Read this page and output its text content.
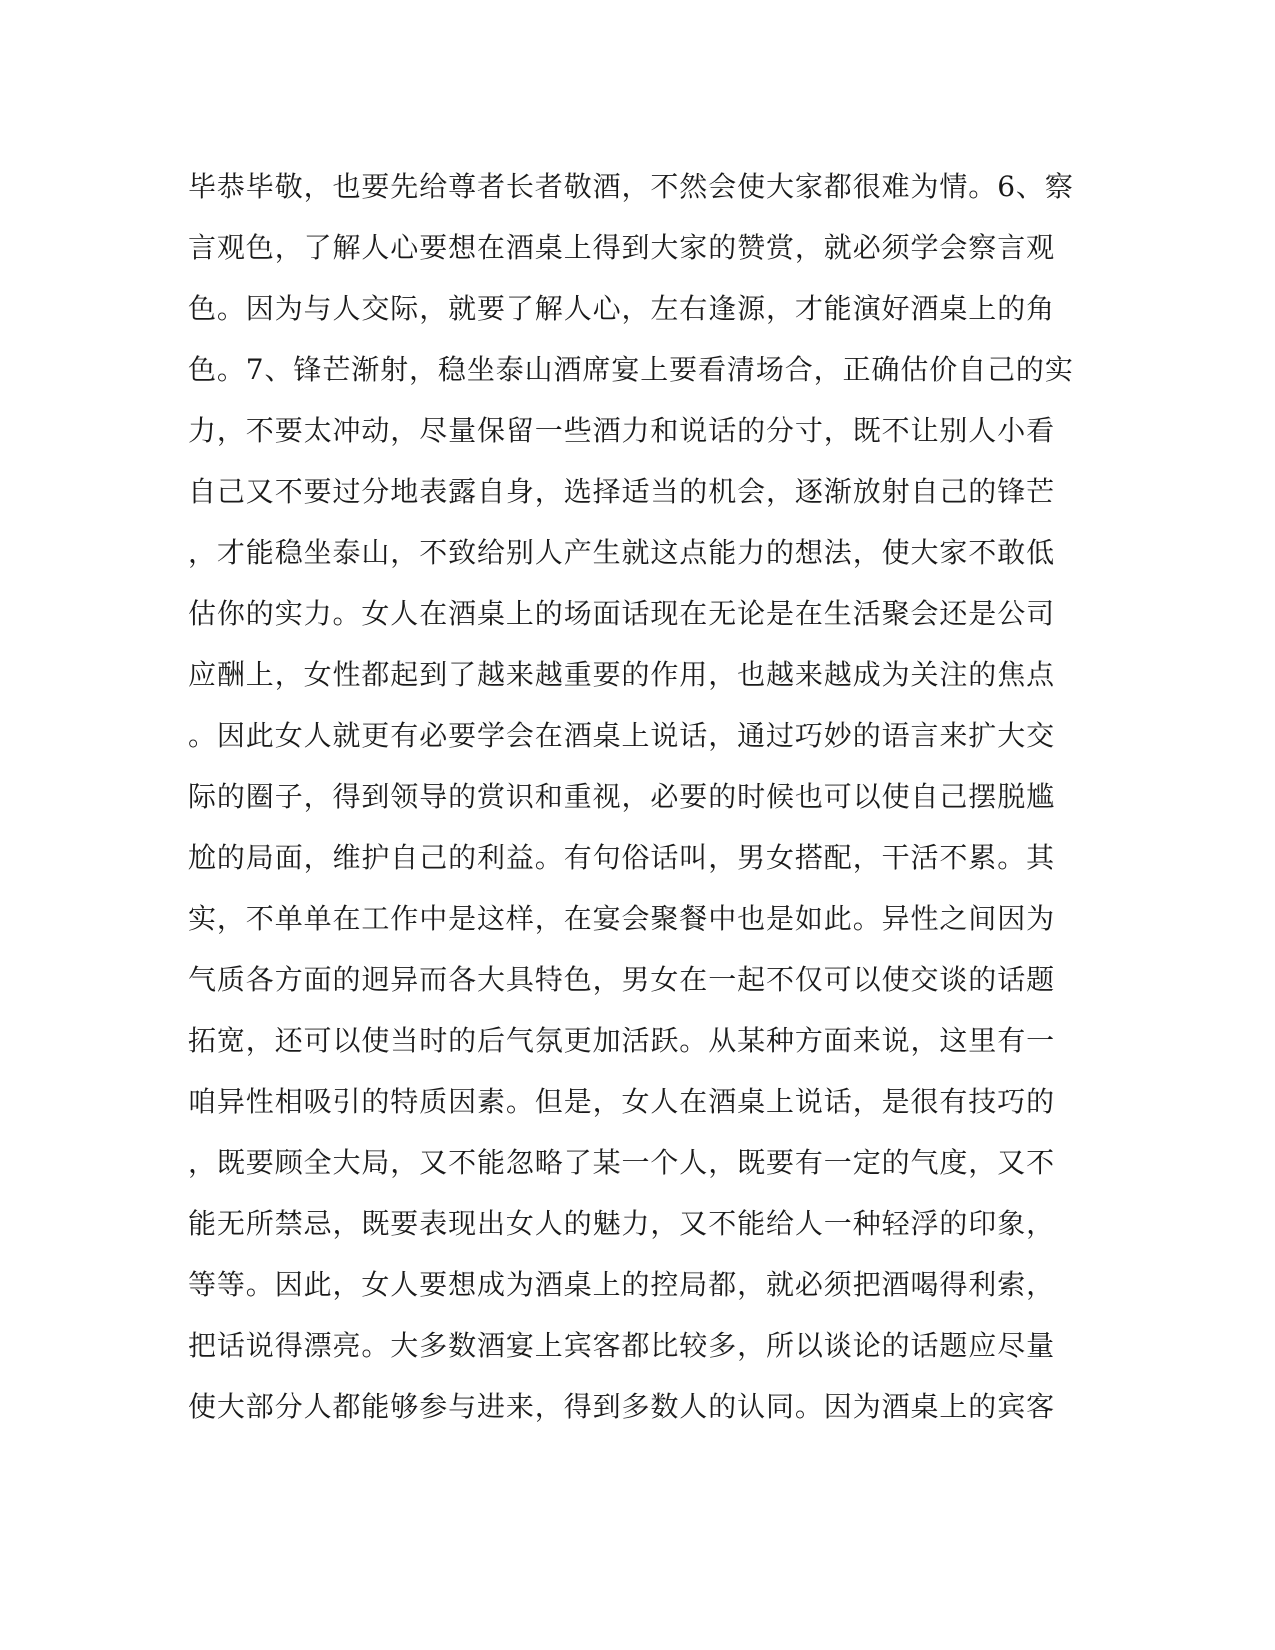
毕恭毕敬，也要先给尊者长者敬酒，不然会使大家都很难为情。6、察
言观色，了解人心要想在酒桌上得到大家的赞赏，就必须学会察言观
色。因为与人交际，就要了解人心，左右逢源，才能演好酒桌上的角
色。7、锋芒渐射，稳坐泰山酒席宴上要看清场合，正确估价自己的实
力，不要太冲动，尽量保留一些酒力和说话的分寸，既不让别人小看
自己又不要过分地表露自身，选择适当的机会，逐渐放射自己的锋芒
，才能稳坐泰山，不致给别人产生就这点能力的想法，使大家不敢低
估你的实力。女人在酒桌上的场面话现在无论是在生活聚会还是公司
应酬上，女性都起到了越来越重要的作用，也越来越成为关注的焦点
。因此女人就更有必要学会在酒桌上说话，通过巧妙的语言来扩大交
际的圈子，得到领导的赏识和重视，必要的时候也可以使自己摆脱尴
尬的局面，维护自己的利益。有句俗话叫，男女搭配，干活不累。其
实，不单单在工作中是这样，在宴会聚餐中也是如此。异性之间因为
气质各方面的迥异而各大具特色，男女在一起不仅可以使交谈的话题
拓宽，还可以使当时的后气氛更加活跃。从某种方面来说，这里有一
咱异性相吸引的特质因素。但是，女人在酒桌上说话，是很有技巧的
，既要顾全大局，又不能忽略了某一个人，既要有一定的气度，又不
能无所禁忌，既要表现出女人的魅力，又不能给人一种轻浮的印象，
等等。因此，女人要想成为酒桌上的控局都，就必须把酒喝得利索，
把话说得漂亮。大多数酒宴上宾客都比较多，所以谈论的话题应尽量
使大部分人都能够参与进来，得到多数人的认同。因为酒桌上的宾客
